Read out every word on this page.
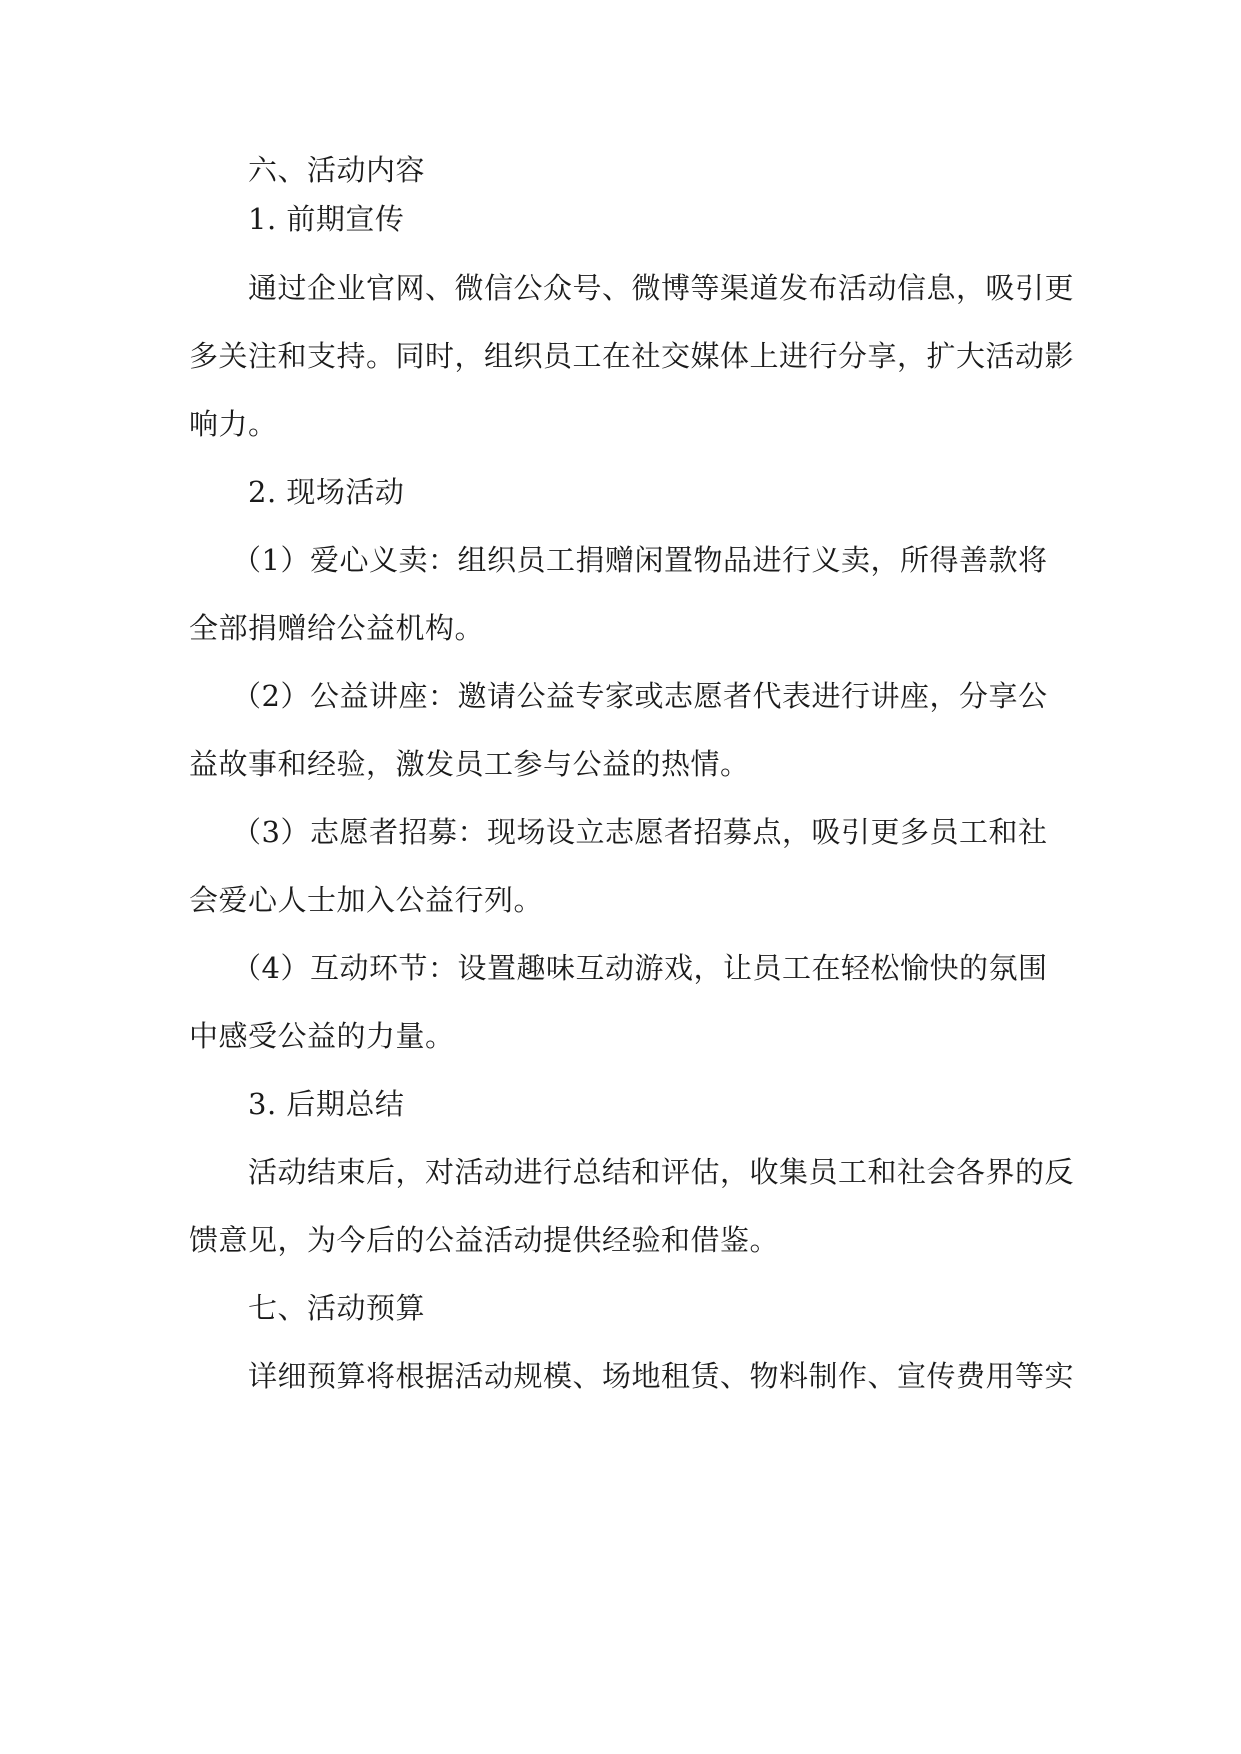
六、活动内容
1. 前期宣传
通过企业官网、微信公众号、微博等渠道发布活动信息，吸引更
多关注和支持。同时，组织员工在社交媒体上进行分享，扩大活动影
响力。
2. 现场活动
（1）爱心义卖：组织员工捐赠闲置物品进行义卖，所得善款将
全部捐赠给公益机构。
（2）公益讲座：邀请公益专家或志愿者代表进行讲座，分享公
益故事和经验，激发员工参与公益的热情。
（3）志愿者招募：现场设立志愿者招募点，吸引更多员工和社
会爱心人士加入公益行列。
（4）互动环节：设置趣味互动游戏，让员工在轻松愉快的氛围
中感受公益的力量。
3. 后期总结
活动结束后，对活动进行总结和评估，收集员工和社会各界的反
馈意见，为今后的公益活动提供经验和借鉴。
七、活动预算
详细预算将根据活动规模、场地租赁、物料制作、宣传费用等实
